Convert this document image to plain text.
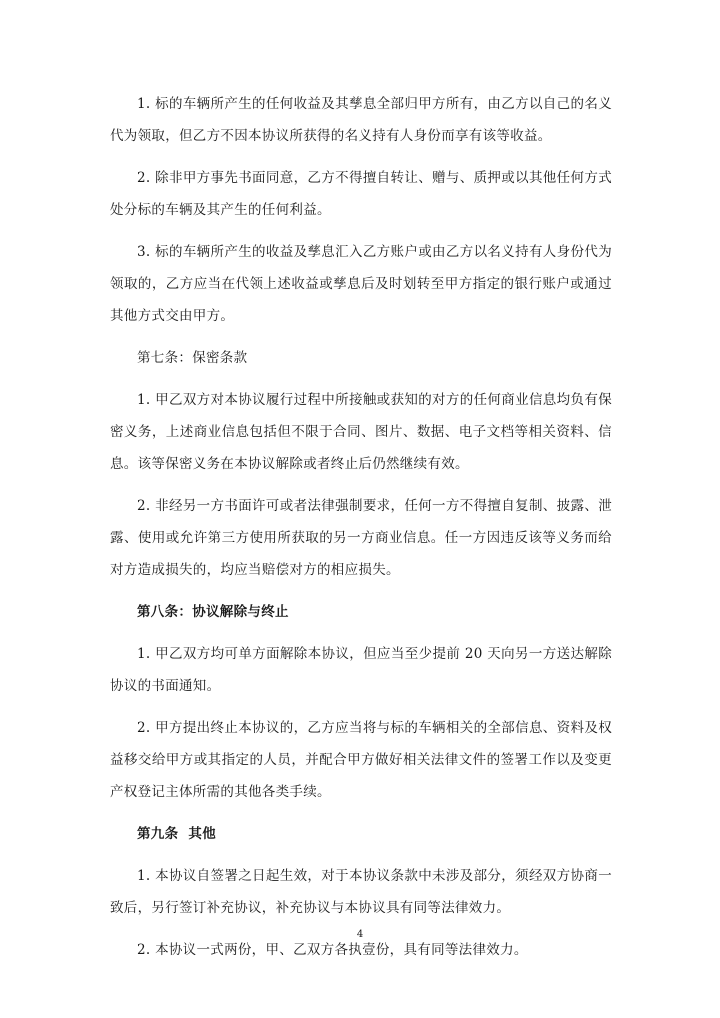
1. 标的车辆所产生的任何收益及其孳息全部归甲方所有，由乙方以自己的名义代为领取，但乙方不因本协议所获得的名义持有人身份而享有该等收益。

2. 除非甲方事先书面同意，乙方不得擅自转让、赠与、质押或以其他任何方式处分标的车辆及其产生的任何利益。

3. 标的车辆所产生的收益及孳息汇入乙方账户或由乙方以名义持有人身份代为领取的，乙方应当在代领上述收益或孳息后及时划转至甲方指定的银行账户或通过其他方式交由甲方。

第七条：保密条款

1. 甲乙双方对本协议履行过程中所接触或获知的对方的任何商业信息均负有保密义务，上述商业信息包括但不限于合同、图片、数据、电子文档等相关资料、信息。该等保密义务在本协议解除或者终止后仍然继续有效。

2. 非经另一方书面许可或者法律强制要求，任何一方不得擅自复制、披露、泄露、使用或允许第三方使用所获取的另一方商业信息。任一方因违反该等义务而给对方造成损失的，均应当赔偿对方的相应损失。

第八条：协议解除与终止

1. 甲乙双方均可单方面解除本协议，但应当至少提前 20 天向另一方送达解除协议的书面通知。

2. 甲方提出终止本协议的，乙方应当将与标的车辆相关的全部信息、资料及权益移交给甲方或其指定的人员，并配合甲方做好相关法律文件的签署工作以及变更产权登记主体所需的其他各类手续。

第九条  其他

1. 本协议自签署之日起生效，对于本协议条款中未涉及部分，须经双方协商一致后，另行签订补充协议，补充协议与本协议具有同等法律效力。

2. 本协议一式两份，甲、乙双方各执壹份，具有同等法律效力。

4
